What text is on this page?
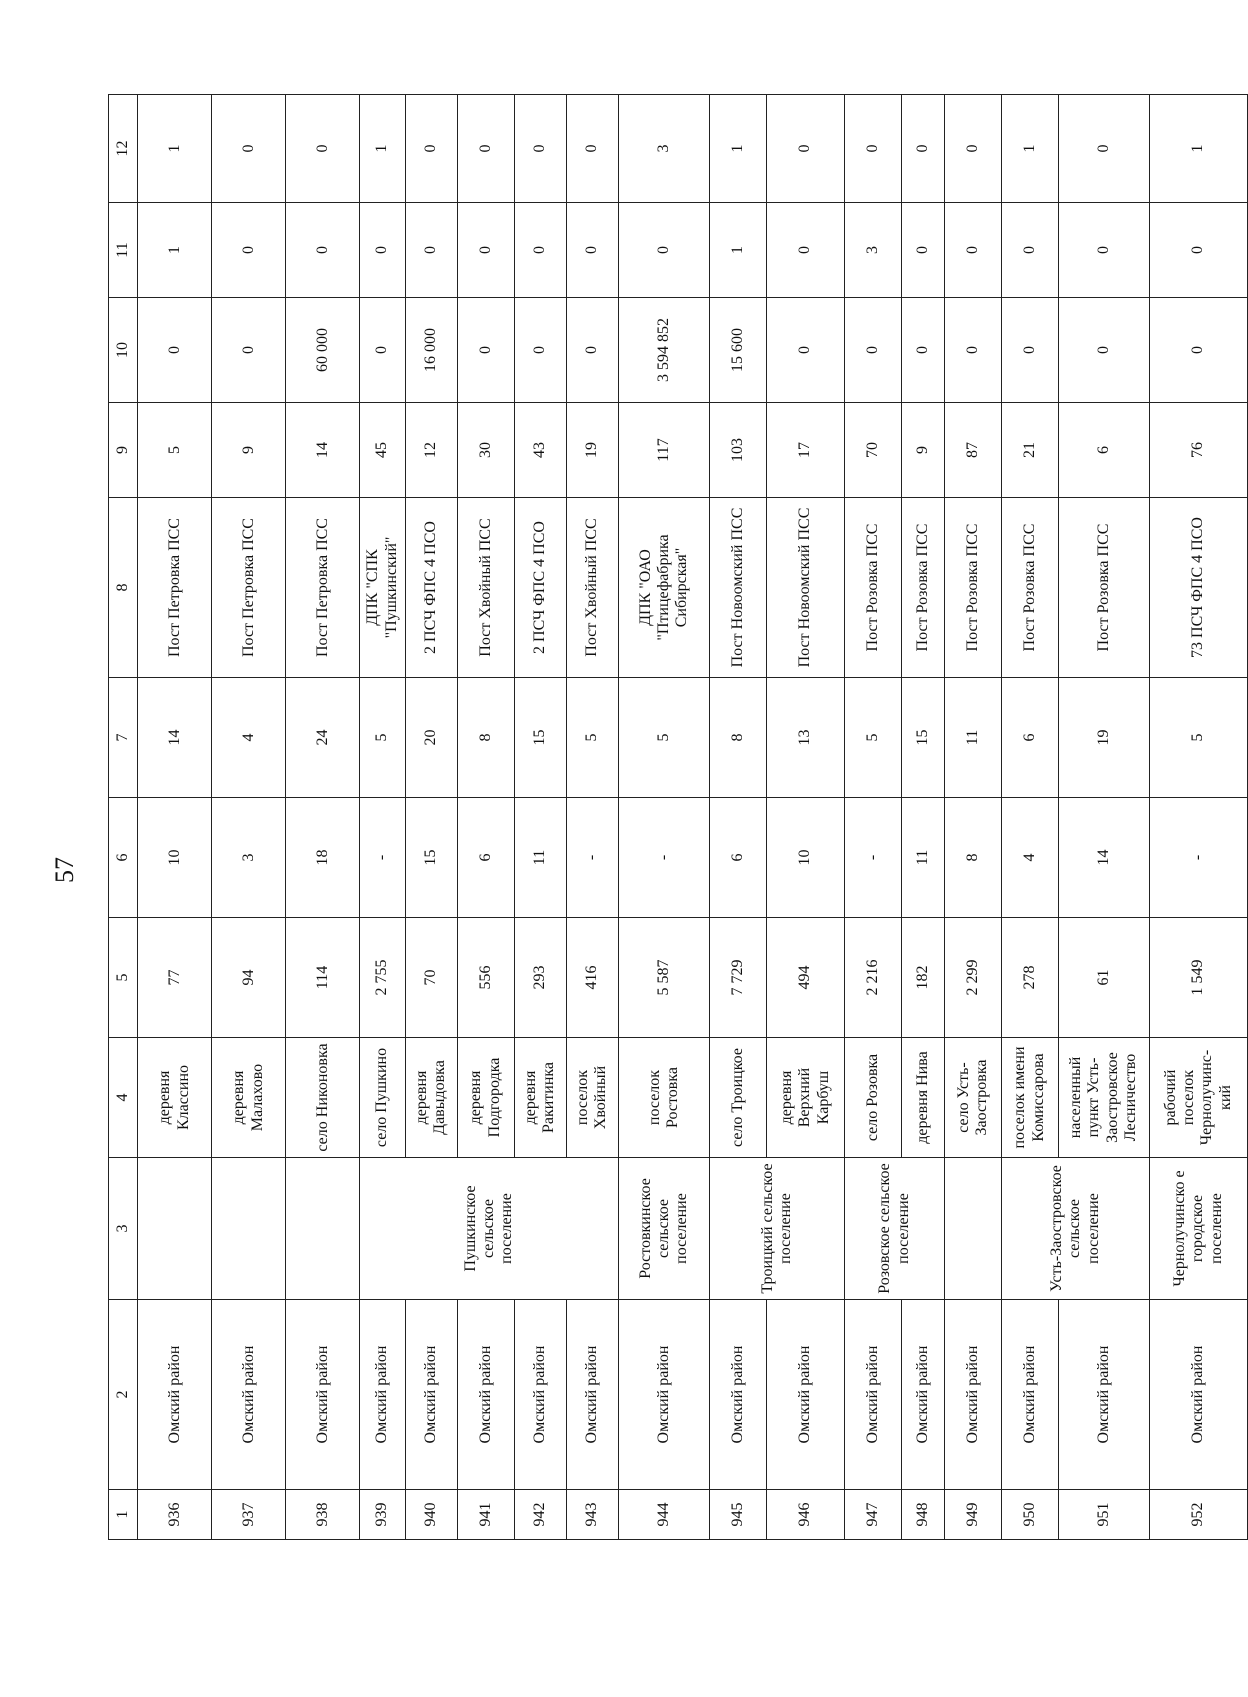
57
1	2	3	4	5	6	7	8	9	10	11	12
936	Омский район		деревня Классино	77	10	14	Пост Петровка ПСС	5	0	1	1
937	Омский район		деревня Малахово	94	3	4	Пост Петровка ПСС	9	0	0	0
938	Омский район		село Никоновка	114	18	24	Пост Петровка ПСС	14	60 000	0	0
939	Омский район	Пушкинское сельское поселение	село Пушкино	2 755	-	5	ДПК "СПК "Пушкинский"	45	0	0	1
940	Омский район		деревня Давыдовка	70	15	20	2 ПСЧ ФПС 4 ПСО	12	16 000	0	0
941	Омский район		деревня Подгородка	556	6	8	Пост Хвойный ПСС	30	0	0	0
942	Омский район		деревня Ракитинка	293	11	15	2 ПСЧ ФПС 4 ПСО	43	0	0	0
943	Омский район		поселок Хвойный	416	-	5	Пост Хвойный ПСС	19	0	0	0
944	Омский район	Ростовкинское сельское поселение	поселок Ростовка	5 587	-	5	ДПК "ОАО "Птицефабрика Сибирская"	117	3 594 852	0	3
945	Омский район	Троицкий сельское поселение	село Троицкое	7 729	6	8	Пост Новоомский ПСС	103	15 600	1	1
946	Омский район		деревня Верхний Карбуш	494	10	13	Пост Новоомский ПСС	17	0	0	0
947	Омский район	Розовское сельское поселение	село Розовка	2 216	-	5	Пост Розовка ПСС	70	0	3	0
948	Омский район		деревня Нива	182	11	15	Пост Розовка ПСС	9	0	0	0
949	Омский район		село Усть-Заостровка	2 299	8	11	Пост Розовка ПСС	87	0	0	0
950	Омский район	Усть-Заостровское сельское поселение	поселок имени Комиссарова	278	4	6	Пост Розовка ПСС	21	0	0	1
951	Омский район		населенный пункт Усть-Заостровское Лесничество	61	14	19	Пост Розовка ПСС	6	0	0	0
952	Омский район	Чернолучинско е городское поселение	рабочий поселок Чернолучинс-кий	1 549	-	5	73 ПСЧ ФПС 4 ПСО	76	0	0	1
